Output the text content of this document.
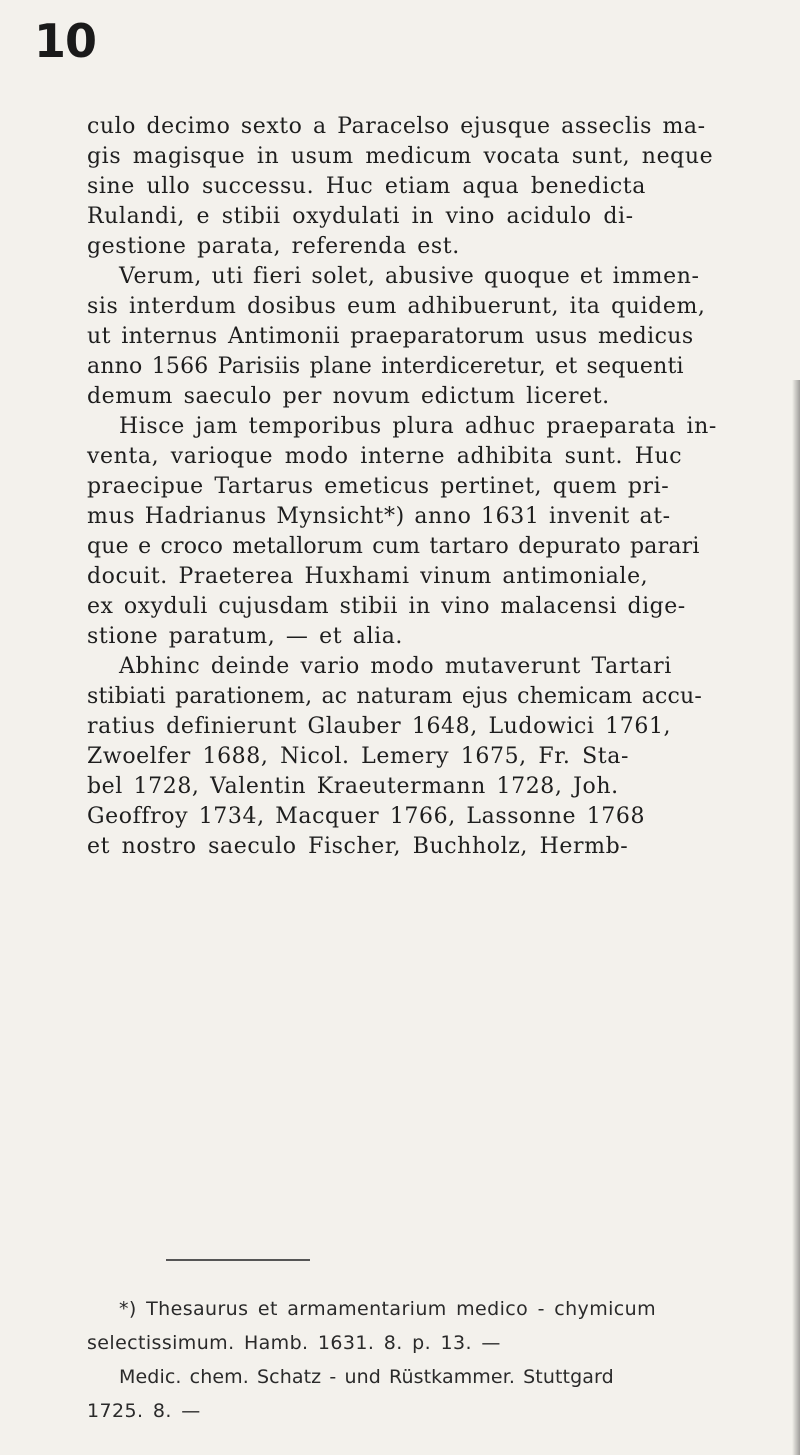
10
culo decimo sexto a Paracelso ejusque asseclis ma-
gis magisque in usum medicum vocata sunt, neque
sine ullo successu. Huc etiam aqua benedicta
Rulandi, e stibii oxydulati in vino acidulo di-
gestione parata, referenda est.
Verum, uti fieri solet, abusive quoque et immen-
sis interdum dosibus eum adhibuerunt, ita quidem,
ut internus Antimonii praeparatorum usus medicus
anno 1566 Parisiis plane interdiceretur, et sequenti
demum saeculo per novum edictum liceret.
Hisce jam temporibus plura adhuc praeparata in-
venta, varioque modo interne adhibita sunt. Huc
praecipue Tartarus emeticus pertinet, quem pri-
mus Hadrianus Mynsicht*) anno 1631 invenit at-
que e croco metallorum cum tartaro depurato parari
docuit. Praeterea Huxhami vinum antimoniale,
ex oxyduli cujusdam stibii in vino malacensi dige-
stione paratum, — et alia.
Abhinc deinde vario modo mutaverunt Tartari
stibiati parationem, ac naturam ejus chemicam accu-
ratius definierunt Glauber 1648, Ludowici 1761,
Zwoelfer 1688, Nicol. Lemery 1675, Fr. Sta-
bel 1728, Valentin Kraeutermann 1728, Joh.
Geoffroy 1734, Macquer 1766, Lassonne 1768
et nostro saeculo Fischer, Buchholz, Hermb-
*) Thesaurus et armamentarium medico - chymicum
selectissimum. Hamb. 1631. 8. p. 13. —
Medic. chem. Schatz - und Rüstkammer. Stuttgard
1725. 8. —
